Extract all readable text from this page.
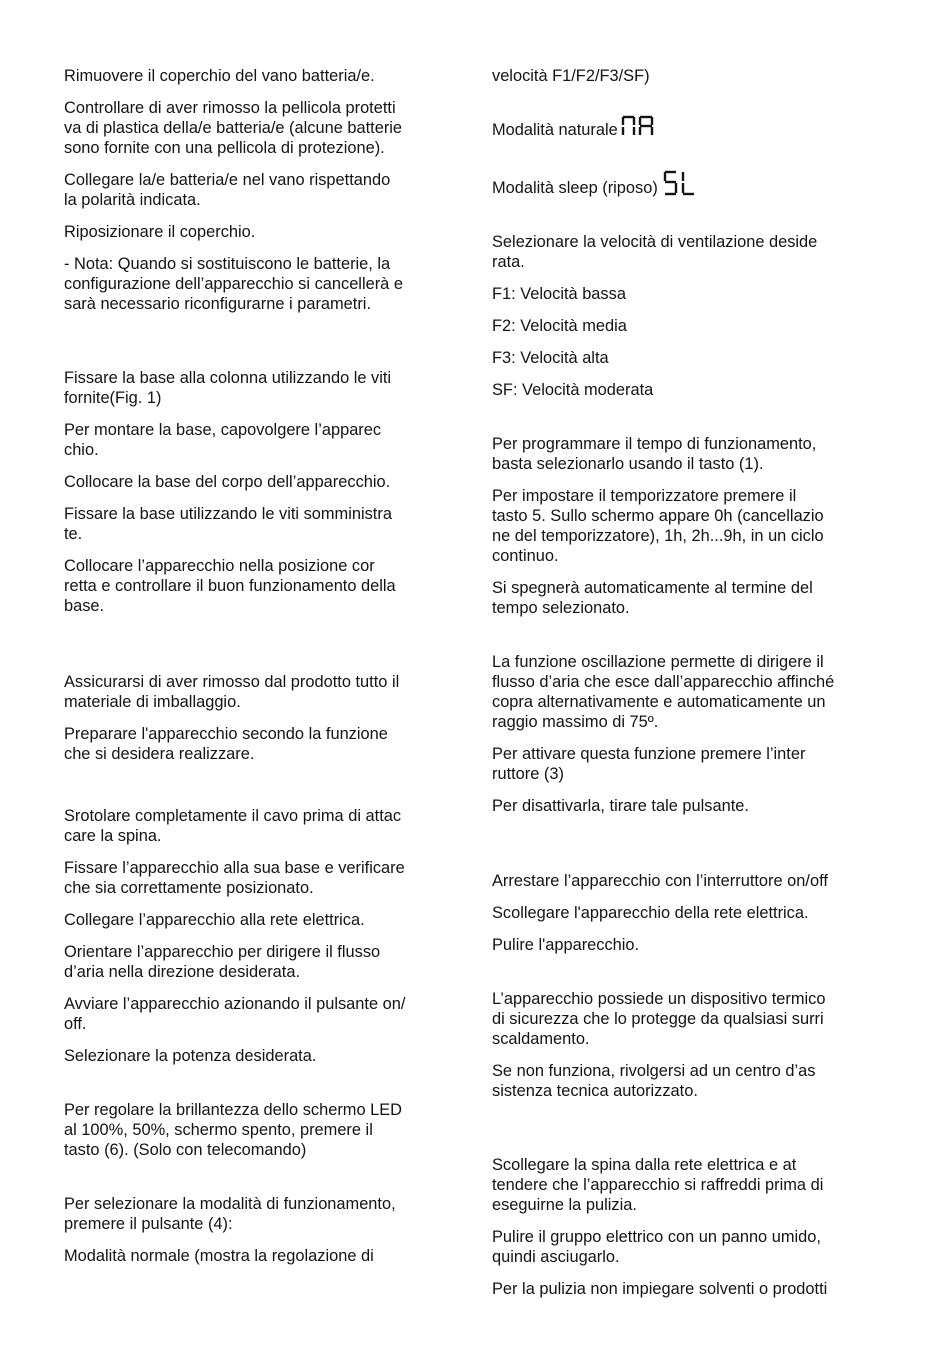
Rimuovere il coperchio del vano batteria/e.

Controllare di aver rimosso la pellicola protetti
va di plastica della/e batteria/e (alcune batterie
sono fornite con una pellicola di protezione).

Collegare la/e batteria/e nel vano rispettando
la polarità indicata.

Riposizionare il coperchio.

- Nota: Quando si sostituiscono le batterie, la
configurazione dell’apparecchio si cancellerà e
sarà necessario riconfigurarne i parametri.

Fissare la base alla colonna utilizzando le viti
fornite(Fig. 1)

Per montare la base, capovolgere l’apparec
chio.

Collocare la base del corpo dell’apparecchio.

Fissare la base utilizzando le viti somministra
te.

Collocare l’apparecchio nella posizione cor
retta e controllare il buon funzionamento della
base.

Assicurarsi di aver rimosso dal prodotto tutto il
materiale di imballaggio.

Preparare l'apparecchio secondo la funzione
che si desidera realizzare.

Srotolare completamente il cavo prima di attac
care la spina.

Fissare l’apparecchio alla sua base e verificare
che sia correttamente posizionato.

Collegare l’apparecchio alla rete elettrica.

Orientare l’apparecchio per dirigere il flusso
d’aria nella direzione desiderata.

Avviare l’apparecchio azionando il pulsante on/
off.

Selezionare la potenza desiderata.

Per regolare la brillantezza dello schermo LED
al 100%, 50%, schermo spento, premere il
tasto (6). (Solo con telecomando)

Per selezionare la modalità di funzionamento,
premere il pulsante (4):

Modalità normale (mostra la regolazione di

velocità F1/F2/F3/SF)

Modalità naturale

Modalità sleep (riposo)

Selezionare la velocità di ventilazione deside
rata.

F1: Velocità bassa

F2: Velocità media

F3: Velocità alta

SF: Velocità moderata

Per programmare il tempo di funzionamento,
basta selezionarlo usando il tasto (1).

Per impostare il temporizzatore premere il
tasto 5. Sullo schermo appare 0h (cancellazio
ne del temporizzatore), 1h, 2h...9h, in un ciclo
continuo.

Si spegnerà automaticamente al termine del
tempo selezionato.

La funzione oscillazione permette di dirigere il
flusso d’aria che esce dall’apparecchio affinché
copra alternativamente e automaticamente un
raggio massimo di 75º.

Per attivare questa funzione premere l’inter
ruttore (3)

Per disattivarla, tirare tale pulsante.

Arrestare l’apparecchio con l’interruttore on/off

Scollegare l'apparecchio della rete elettrica.

Pulire l'apparecchio.

L’apparecchio possiede un dispositivo termico
di sicurezza che lo protegge da qualsiasi surri
scaldamento.

Se non funziona, rivolgersi ad un centro d’as
sistenza tecnica autorizzato.

Scollegare la spina dalla rete elettrica e at
tendere che l’apparecchio si raffreddi prima di
eseguirne la pulizia.

Pulire il gruppo elettrico con un panno umido,
quindi asciugarlo.

Per la pulizia non impiegare solventi o prodotti
